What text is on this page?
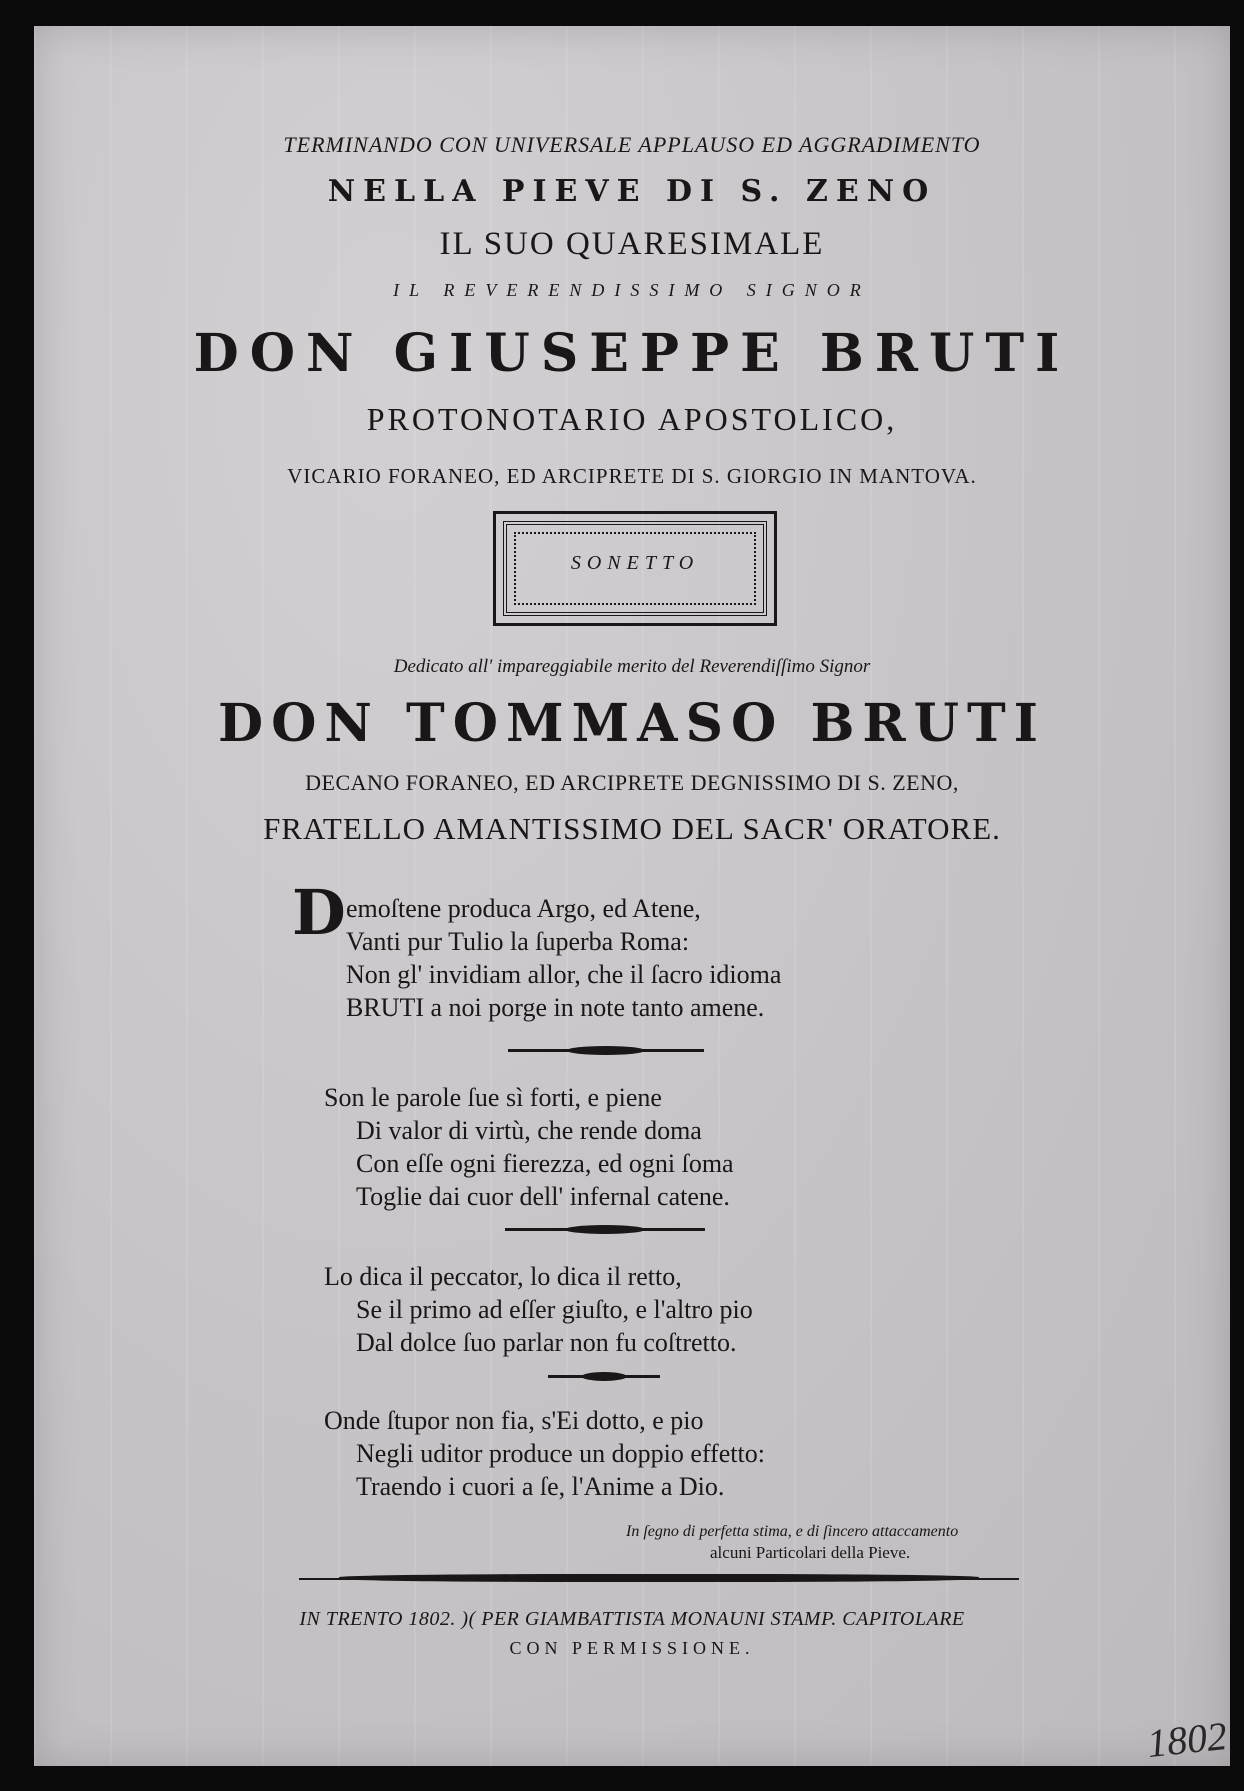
TERMINANDO CON UNIVERSALE APPLAUSO ED AGGRADIMENTO
NELLA PIEVE DI S. ZENO
IL SUO QUARESIMALE
IL REVERENDISSIMO SIGNOR
DON GIUSEPPE BRUTI
PROTONOTARIO APOSTOLICO,
VICARIO FORANEO, ED ARCIPRETE DI S. GIORGIO IN MANTOVA.
SONETTO
Dedicato all' impareggiabile merito del Reverendiſſimo Signor
DON TOMMASO BRUTI
DECANO FORANEO, ED ARCIPRETE DEGNISSIMO DI S. ZENO,
FRATELLO AMANTISSIMO DEL SACR' ORATORE.
D emoſtene produca Argo, ed Atene,
Vanti pur Tulio la ſuperba Roma:
Non gl' invidiam allor, che il ſacro idioma
BRUTI a noi porge in note tanto amene.
Son le parole ſue sì forti, e piene
Di valor di virtù, che rende doma
Con eſſe ogni fierezza, ed ogni ſoma
Toglie dai cuor dell' infernal catene.
Lo dica il peccator, lo dica il retto,
Se il primo ad eſſer giuſto, e l'altro pio
Dal dolce ſuo parlar non fu coſtretto.
Onde ſtupor non fia, s'Ei dotto, e pio
Negli uditor produce un doppio effetto:
Traendo i cuori a ſe, l'Anime a Dio.
In ſegno di perfetta stima, e di ſincero attaccamento
alcuni Particolari della Pieve.
IN TRENTO 1802. )( PER GIAMBATTISTA MONAUNI STAMP. CAPITOLARE
CON PERMISSIONE.
1802
